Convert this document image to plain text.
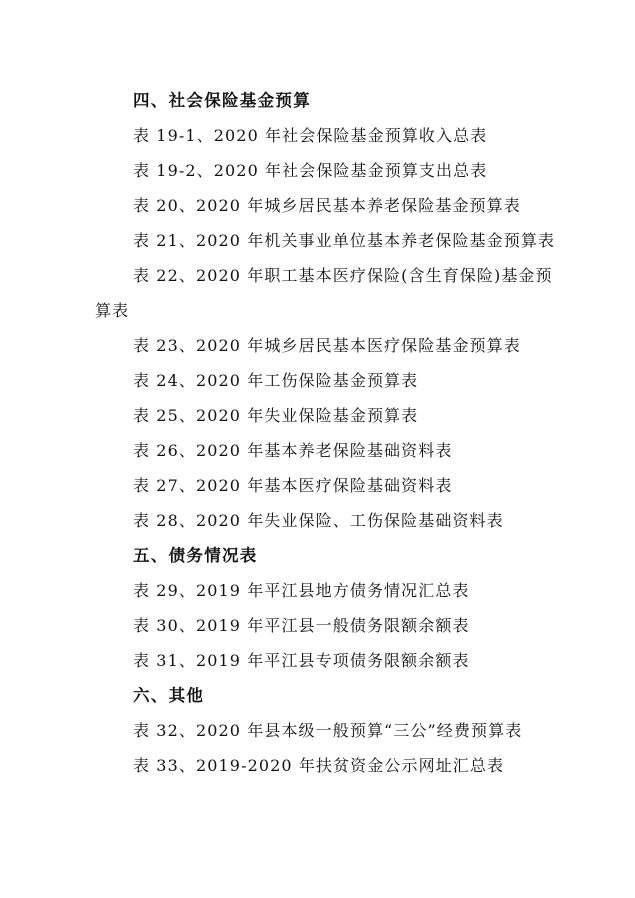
四、社会保险基金预算
表 19-1、2020 年社会保险基金预算收入总表
表 19-2、2020 年社会保险基金预算支出总表
表 20、2020 年城乡居民基本养老保险基金预算表
表 21、2020 年机关事业单位基本养老保险基金预算表
表 22、2020 年职工基本医疗保险(含生育保险)基金预
算表
表 23、2020 年城乡居民基本医疗保险基金预算表
表 24、2020 年工伤保险基金预算表
表 25、2020 年失业保险基金预算表
表 26、2020 年基本养老保险基础资料表
表 27、2020 年基本医疗保险基础资料表
表 28、2020 年失业保险、工伤保险基础资料表
五、债务情况表
表 29、2019 年平江县地方债务情况汇总表
表 30、2019 年平江县一般债务限额余额表
表 31、2019 年平江县专项债务限额余额表
六、其他
表 32、2020 年县本级一般预算“三公”经费预算表
表 33、2019-2020 年扶贫资金公示网址汇总表
